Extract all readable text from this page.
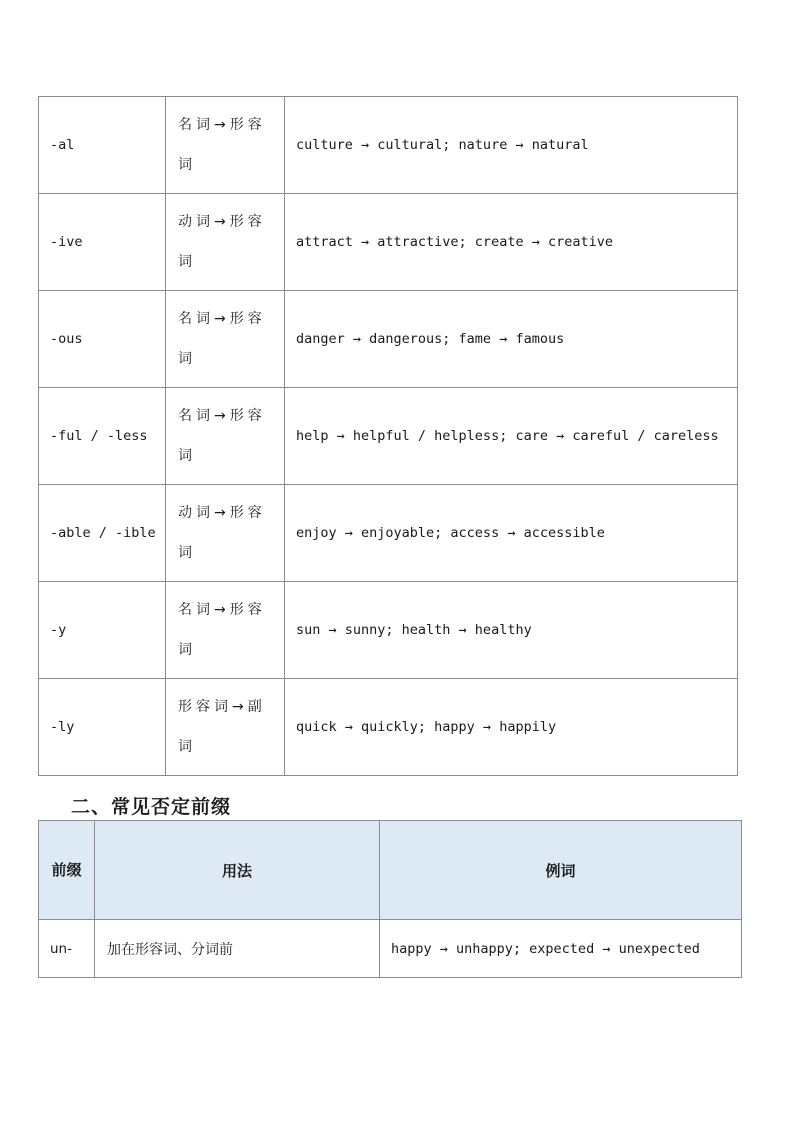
-al	名词→形容词	culture → cultural; nature → natural
-ive	动词→形容词	attract → attractive; create → creative
-ous	名词→形容词	danger → dangerous; fame → famous
-ful / -less	名词→形容词	help → helpful / helpless; care → careful / careless
-able / -ible	动词→形容词	enjoy → enjoyable; access → accessible
-y	名词→形容词	sun → sunny; health → healthy
-ly	形容词→副词	quick → quickly; happy → happily
二、常见否定前缀
前缀	用法	例词
un-	加在形容词、分词前	happy → unhappy; expected → unexpected
